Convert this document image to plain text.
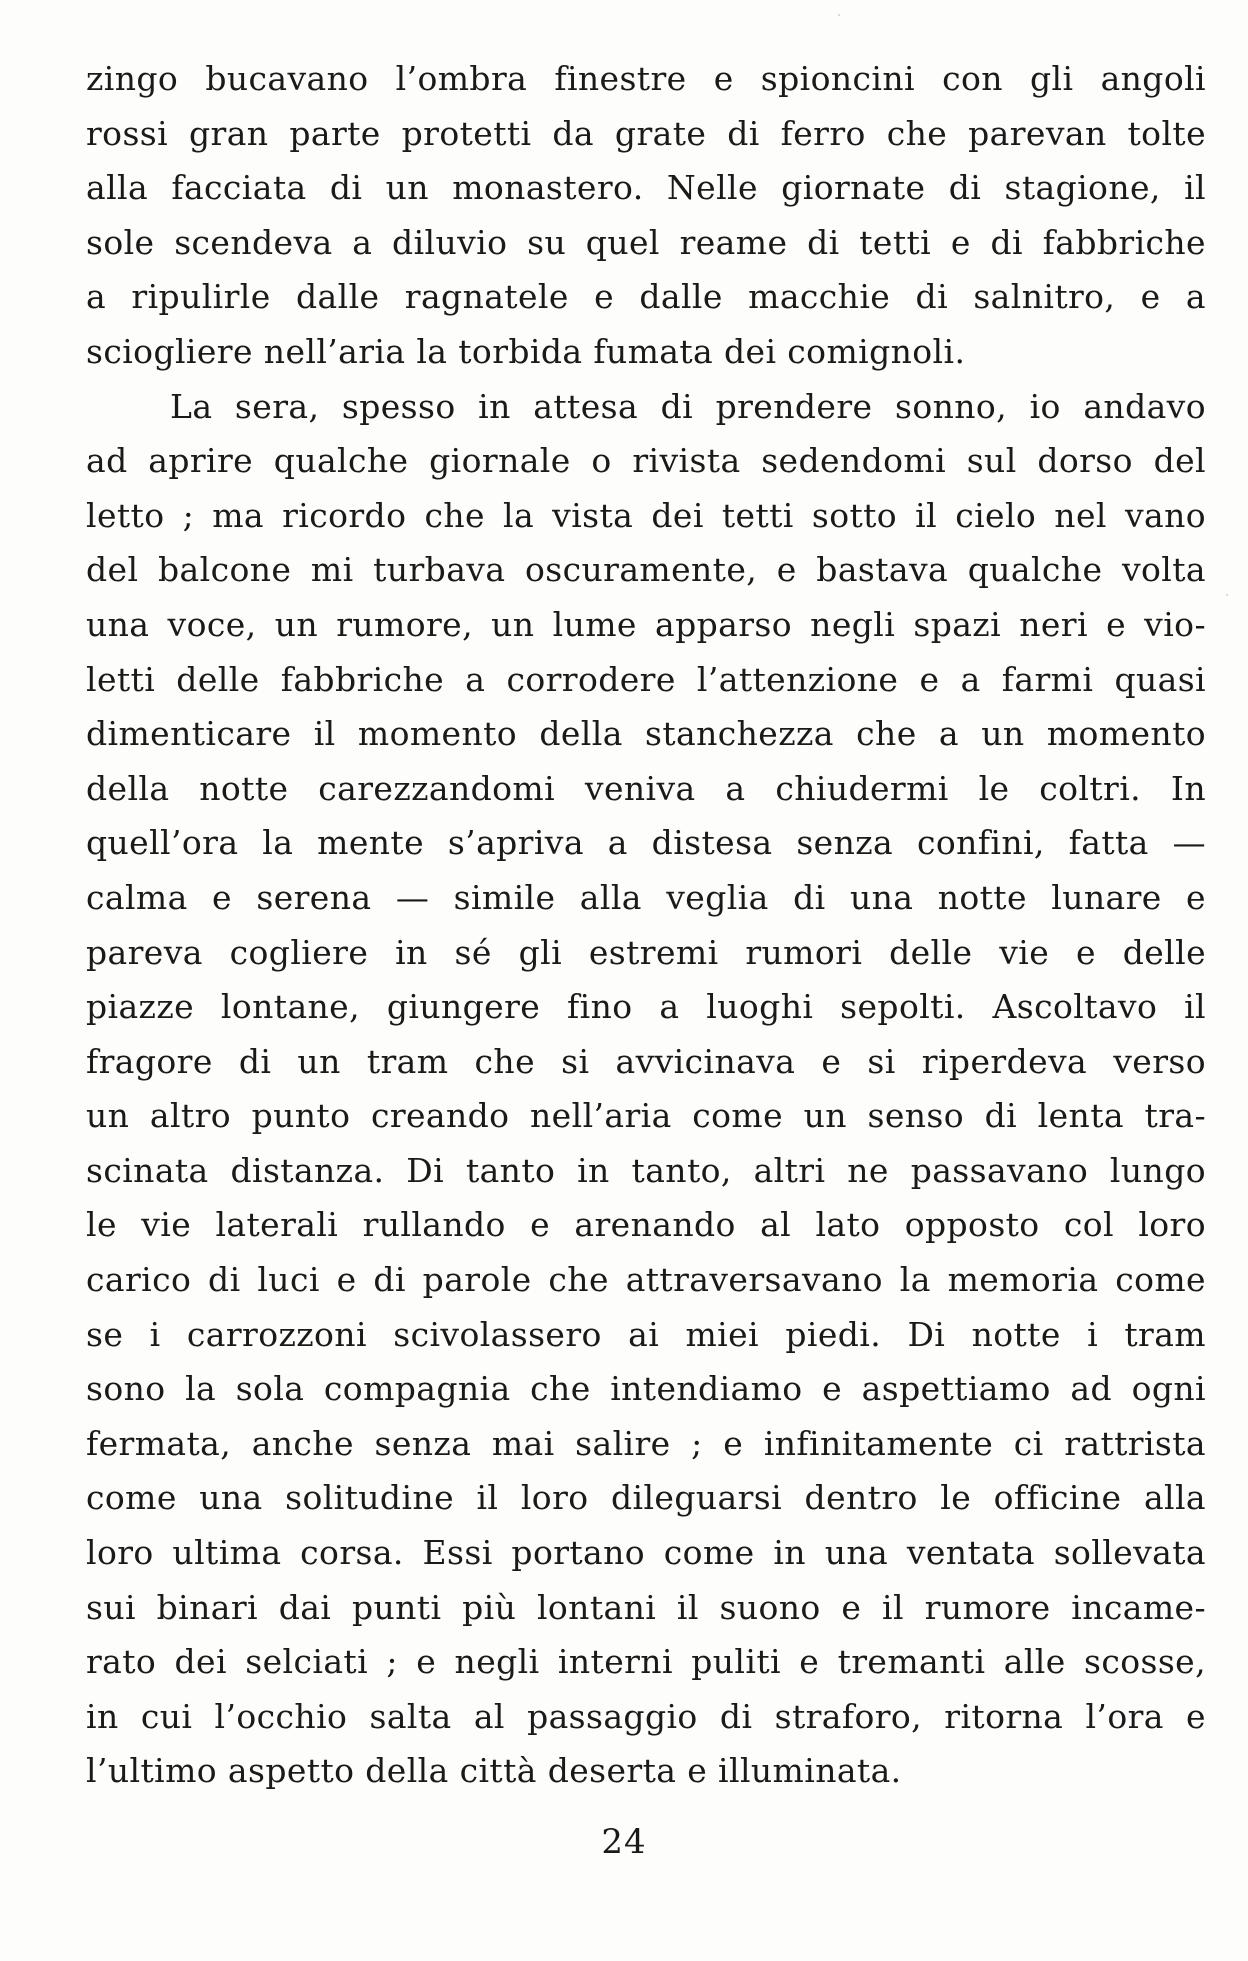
zingo bucavano l’ombra finestre e spioncini con gli angoli
rossi gran parte protetti da grate di ferro che parevan tolte
alla facciata di un monastero. Nelle giornate di stagione, il
sole scendeva a diluvio su quel reame di tetti e di fabbriche
a ripulirle dalle ragnatele e dalle macchie di salnitro, e a
sciogliere nell’aria la torbida fumata dei comignoli.
La sera, spesso in attesa di prendere sonno, io andavo
ad aprire qualche giornale o rivista sedendomi sul dorso del
letto ; ma ricordo che la vista dei tetti sotto il cielo nel vano
del balcone mi turbava oscuramente, e bastava qualche volta
una voce, un rumore, un lume apparso negli spazi neri e vio-
letti delle fabbriche a corrodere l’attenzione e a farmi quasi
dimenticare il momento della stanchezza che a un momento
della notte carezzandomi veniva a chiudermi le coltri. In
quell’ora la mente s’apriva a distesa senza confini, fatta —
calma e serena — simile alla veglia di una notte lunare e
pareva cogliere in sé gli estremi rumori delle vie e delle
piazze lontane, giungere fino a luoghi sepolti. Ascoltavo il
fragore di un tram che si avvicinava e si riperdeva verso
un altro punto creando nell’aria come un senso di lenta tra-
scinata distanza. Di tanto in tanto, altri ne passavano lungo
le vie laterali rullando e arenando al lato opposto col loro
carico di luci e di parole che attraversavano la memoria come
se i carrozzoni scivolassero ai miei piedi. Di notte i tram
sono la sola compagnia che intendiamo e aspettiamo ad ogni
fermata, anche senza mai salire ; e infinitamente ci rattrista
come una solitudine il loro dileguarsi dentro le officine alla
loro ultima corsa. Essi portano come in una ventata sollevata
sui binari dai punti più lontani il suono e il rumore incame-
rato dei selciati ; e negli interni puliti e tremanti alle scosse,
in cui l’occhio salta al passaggio di straforo, ritorna l’ora e
l’ultimo aspetto della città deserta e illuminata.
24
